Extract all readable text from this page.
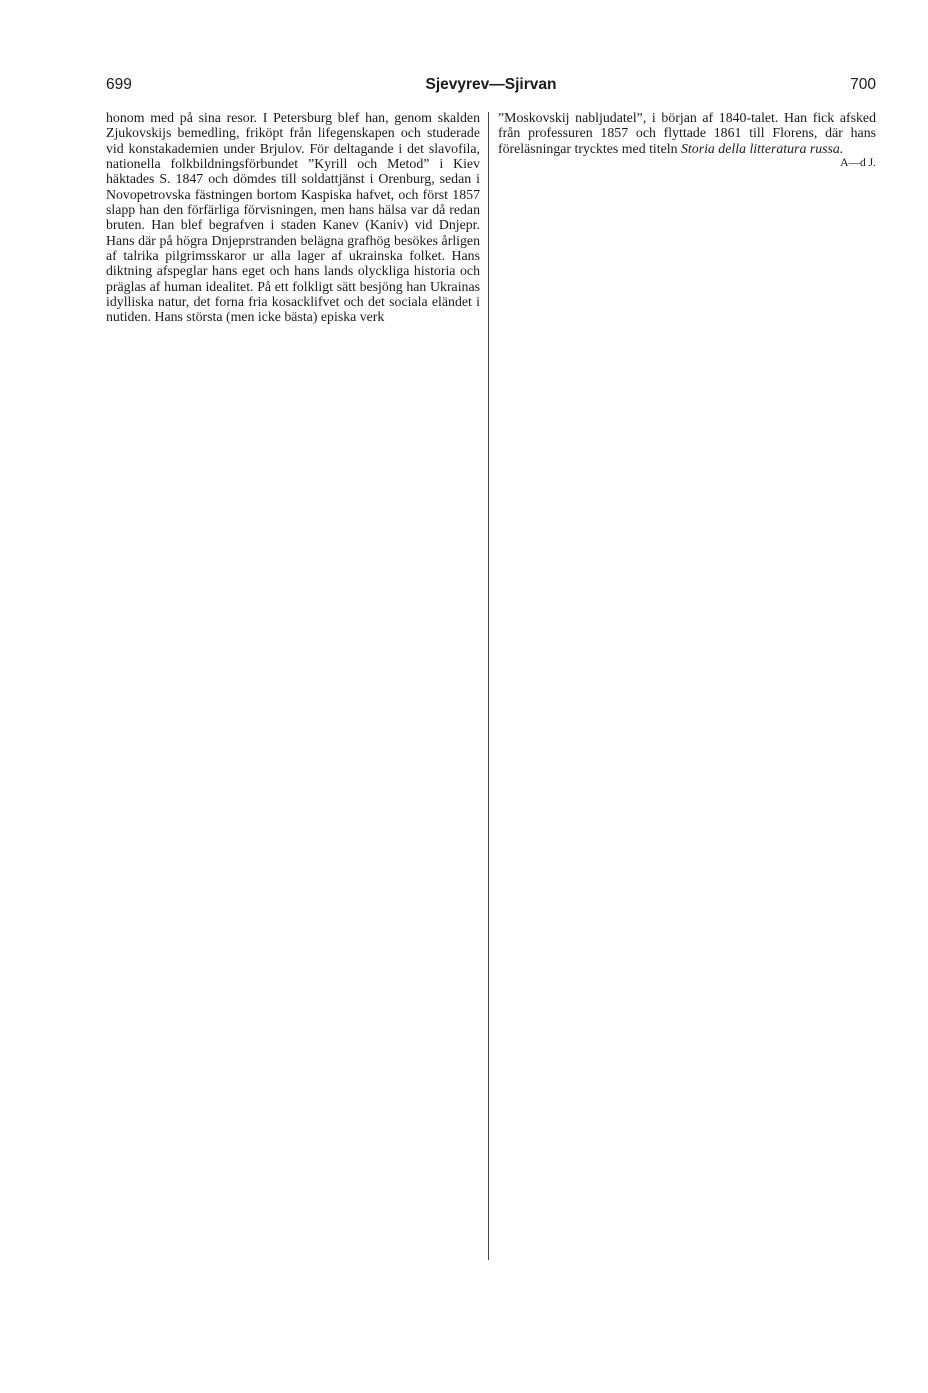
699	Sjevyrev—Sjirvan	700

honom med på sina resor. I Petersburg blef han, genom skalden Zjukovskijs bemedling, friköpt från lifegenskapen och studerade vid konstakademien under Brjulov. För deltagande i det slavofila, nationella folkbildningsförbundet ”Kyrill och Metod” i Kiev häktades S. 1847 och dömdes till soldattjänst i Orenburg, sedan i Novopetrovska fästningen bortom Kaspiska hafvet, och först 1857 slapp han den förfärliga förvisningen, men hans hälsa var då redan bruten. Han blef begrafven i staden Kanev (Kaniv) vid Dnjepr. Hans där på högra Dnjeprstranden belägna grafhög besökes årligen af talrika pilgrimsskaror ur alla lager af ukrainska folket. Hans diktning afspeglar hans eget och hans lands olyckliga historia och präglas af human idealitet. På ett folkligt sätt besjöng han Ukrainas idylliska natur, det forna fria kosacklifvet och det sociala eländet i nutiden. Hans största (men icke bästa) episka verk

”Moskovskij nabljudatel”, i början af 1840-talet. Han fick afsked från professuren 1857 och flyttade 1861 till Florens, där hans föreläsningar trycktes med titeln Storia della litteratura russa.
A—d J.
